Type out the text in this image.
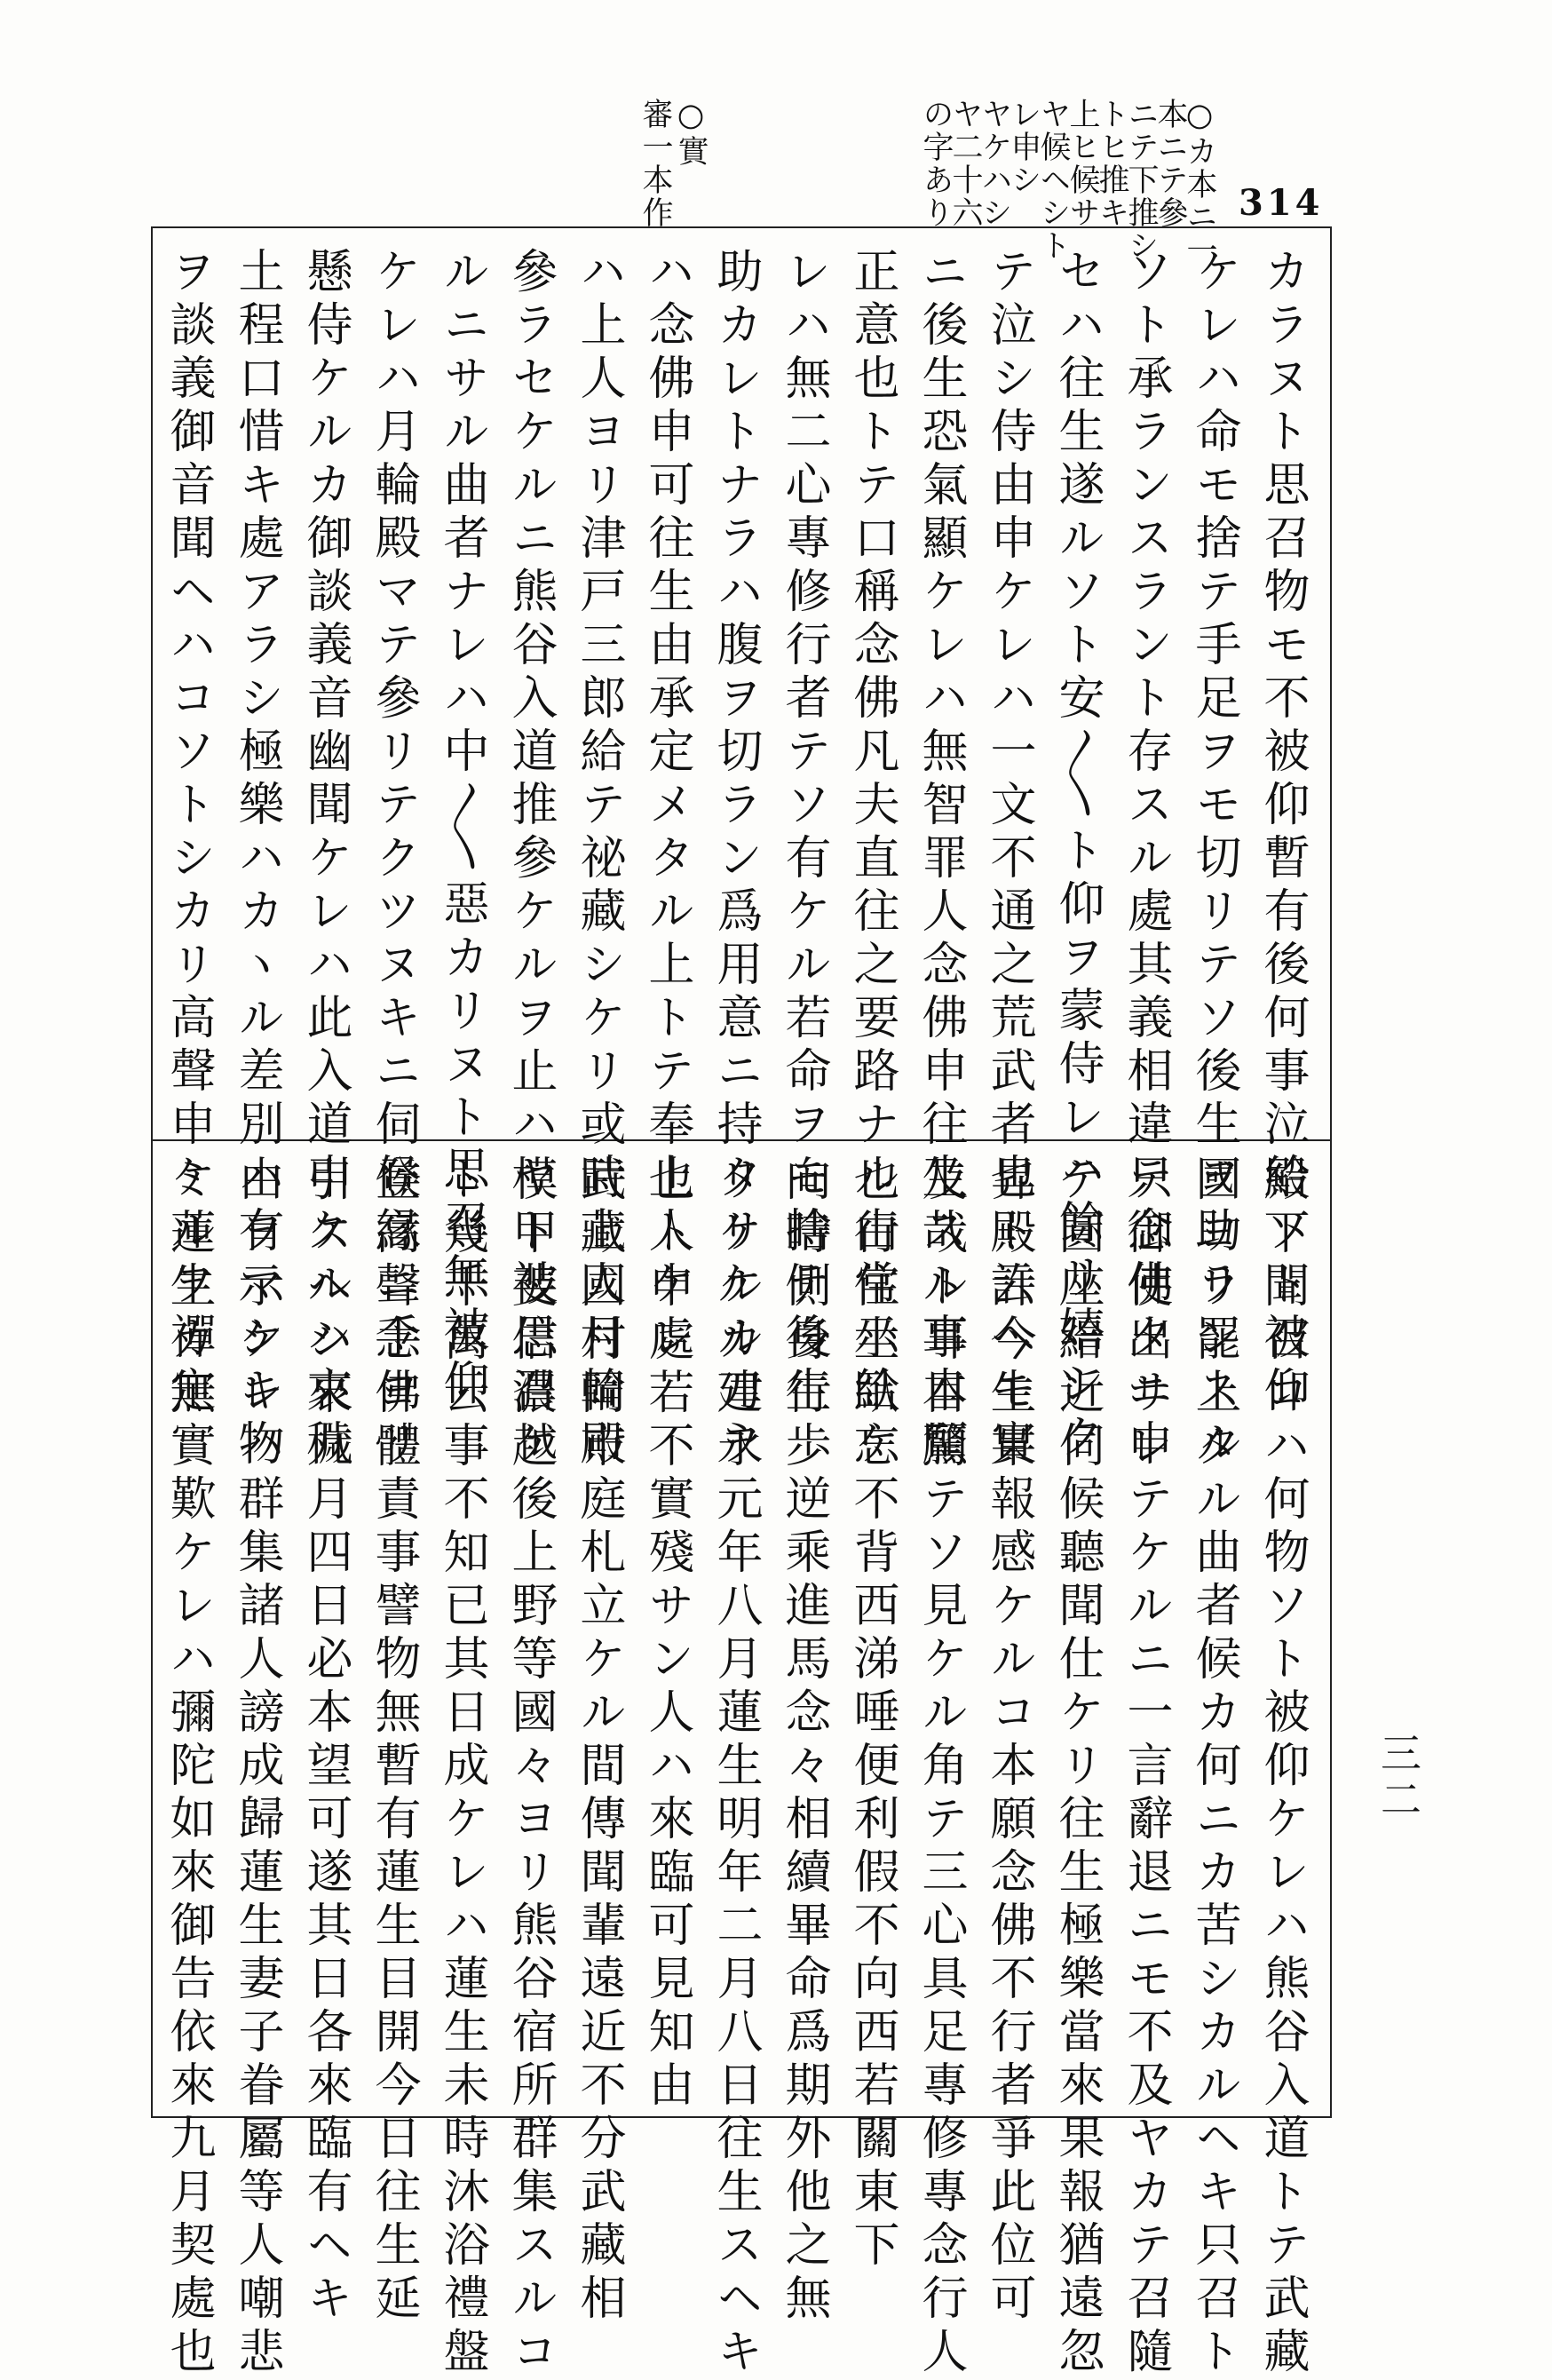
314
○カ本ニ一
本ニテ參
ニテ下推シ
トヒ推キ
上ヒ候サ
ヤ候ヘシト
レ申シ
ヤケハシ
ヤ二十六
の字あり
○實
審一本作
カラヌト思召物モ不被仰暫有後何事泣給ソト被仰
ケレハ命モ捨テ手足ヲモ切リテソ後生ヲ助ランスル
ソト承ランスラント存スル處其義相違只念佛タニ申
セハ往生遂ルソト安〳〵ト仰ヲ蒙侍レハ餘リ嬉シク
テ泣シ侍由申ケレハ一文不通之荒武者也ト云ヘモ實
ニ後生恐氣顯ケレハ無智罪人念佛申往生スル事本願
正意也トテ口稱念佛凡夫直往之要路ナル由常示給ケ
レハ無二心專修行者テソ有ケル若命ヲモ捨テ後生
助カレトナラハ腹ヲ切ラン爲用意ニ持タリケル刀ヲ
ハ念佛申可往生由承定メタル上トテ奉上人ケレ
ハ上人ヨリ津戸三郎給テ祕藏シケリ或時上人月輪殿
參ラセケルニ熊谷入道推參ケルヲ止ハヤト被思召ケ
ルニサル曲者ナレハ中〳〵惡カリヌト思召無被仰
ケレハ月輪殿マテ參リテクツヌキニ伺候縁ニ手ヨリ
懸侍ケルカ御談義音幽聞ケレハ此入道申ケルハ哀穢
土程口惜キ處アラシ極樂ハカヽル差別ハ有マシキ物
ヲ談義御音聞ヘハコソトシカリ高聲申ケルヲ禪定
殿下聞召コハ何物ソト被仰ケレハ熊谷入道トテ武藏
國ヨリ罷上タル曲者候カ何ニカ苦シカルヘキ只召ト
テ御使出サレテケルニ一言辭退ニモ不及ヤカテ召隨
テ圓座給近伺候聽聞仕ケリ往生極樂當來果報猶遠忽
昇殿許今生果報感ケルコ本願念佛不行者爭此位可
及哉ト耳目驚テソ見ケル角テ三心具足專修專念行人
也行住坐臥忘不背西涕唾便利假不向西若關東下
向時側身行歩逆乘進馬念々相續畢命爲期外他之無
リケルカ建永元年八月蓮生明年二月八日往生スヘキ
也ト申處若不實殘サン人ハ來臨可見知由
武藏國村岡市庭札立ケル間傳聞輩遠近不分武藏相
模甲斐信濃越後上野等國々ヨリ熊谷宿所群集スルコ
ト幾千萬云事不知已其日成ケレハ蓮生未時沐浴禮盤
登高聲念佛體責事譬物無暫有蓮生目開今日往生延
引スヘシ來九月四日必本望可遂其日各來臨有ヘキ
由ヲ示ケレハ群集諸人謗成歸蓮生妻子眷屬等人嘲悲
ミ蓮生カ無實歎ケレハ彌陀如來御告依來九月契處也	三二
